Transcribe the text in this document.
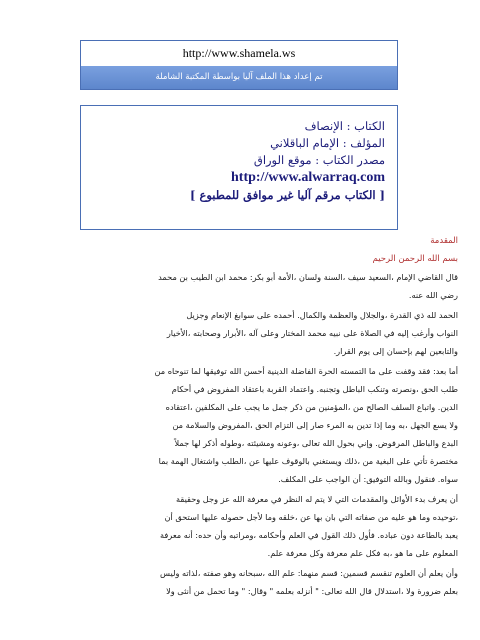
http://www.shamela.ws
تم إعداد هذا الملف آليا بواسطة المكتبة الشاملة

الكتاب : الإنصاف

المؤلف : الإمام الباقلاني

مصدر الكتاب : موقع الوراق

http://www.alwarraq.com
[ الكتاب مرقم آليا غير موافق للمطبوع ]
المقدمة
بسم الله الرحمن الرحيم
قال القاضي الإمام ،السعيد سيف ،السنة ولسان ،الأمة أبو بكر: محمد ابن الطيب بن محمد
رضي الله عنه.
الحمد لله ذي القدرة ،والجلال والعظمة والكمال. أحمده على سوابغ الإنعام وجزيل
النواب وأرغب إليه في الصلاة على نبيه محمد المختار وعلى آله ،الأبرار وصحابته ،الأخيار
والتابعين لهم بإحسان إلى يوم القرار.
أما بعد: فقد وقفت على ما التمسته الحرة الفاضلة الدينية أحسن الله توفيقها لما تنوحاه من
طلب الحق ،ونصرته وتنكب الباطل وتجنبه. واعتماد القربة باعتقاد المفروض في أحكام
الدين. واتباع السلف الصالح من ،المؤمنين من ذكر جمل ما يجب على المكلفين ،اعتقاده
ولا يسع الجهل ،به وما إذا تدين به المرء صار إلى التزام الحق ،المفروض والسلامة من
البدع والباطل المرفوض. وإني بحول الله تعالى ،وعونه ومشيئته ،وطوله أذكر لها جملاً
مختصرة تأتي على البغية من ،ذلك ويستغني بالوقوف عليها عن ،الطلب واشتغال الهمة بما
سواه. فنقول وبالله التوفيق: أن الواجب على المكلف.
أن يعرف بدء الأوائل والمقدمات التي لا يتم له النظر في معرفة الله عز وجل وحقيقة
،توحيده وما هو عليه من صفاته التي بان بها عن ،خلقه وما لأجل حصوله عليها استحق أن
يعبد بالطاعة دون عباده. فأول ذلك القول في العلم وأحكامه ،ومراتبه وأن حده: أنه معرفة
المعلوم على ما هو ،به فكل علم معرفة وكل معرفة علم.
وأن يعلم أن العلوم تنقسم قسمين: قسم منهما: علم الله ،سبحانه وهو صفته ،لذاته وليس
بعلم ضرورة ولا ،استدلال قال الله تعالى: " أنزله بعلمه " وقال: " وما تحمل من أنثى ولا
